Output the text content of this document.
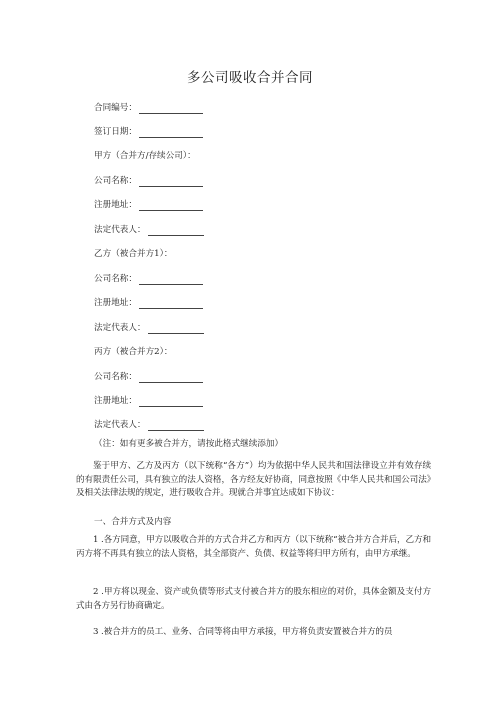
多公司吸收合并合同
合同编号：
签订日期：
甲方（合并方/存续公司）：
公司名称：
注册地址：
法定代表人：
乙方（被合并方1）：
公司名称：
注册地址：
法定代表人：
丙方（被合并方2）：
公司名称：
注册地址：
法定代表人：
（注：如有更多被合并方，请按此格式继续添加）
鉴于甲方、乙方及丙方（以下统称“各方”）均为依据中华人民共和国法律设立并有效存续的有限责任公司，具有独立的法人资格，各方经友好协商，同意按照《中华人民共和国公司法》及相关法律法规的规定，进行吸收合并。现就合并事宜达成如下协议：
一、合并方式及内容
1 .各方同意，甲方以吸收合并的方式合并乙方和丙方（以下统称“被合并方合并后，乙方和丙方将不再具有独立的法人资格，其全部资产、负债、权益等将归甲方所有，由甲方承继。
2 .甲方将以现金、资产或负债等形式支付被合并方的股东相应的对价，具体金额及支付方式由各方另行协商确定。
3 .被合并方的员工、业务、合同等将由甲方承接，甲方将负责安置被合并方的员
